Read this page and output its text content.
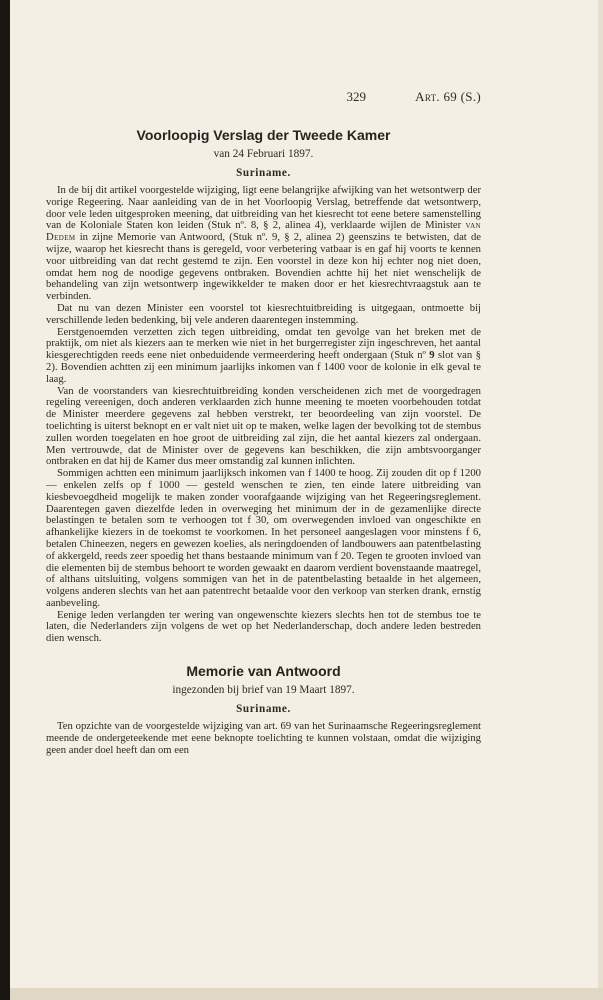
329	Art. 69 (S.)
Voorloopig Verslag der Tweede Kamer
van 24 Februari 1897.
Suriname.

In de bij dit artikel voorgestelde wijziging, ligt eene belangrijke afwijking van het wetsontwerp der vorige Regeering. Naar aanleiding van de in het Voorloopig Verslag, betreffende dat wetsontwerp, door vele leden uitgesproken meening, dat uitbreiding van het kiesrecht tot eene betere samenstelling van de Koloniale Staten kon leiden (Stuk nº. 8, § 2, alinea 4), verklaarde wijlen de Minister van Dedem in zijne Memorie van Antwoord, (Stuk nº. 9, § 2, alinea 2) geenszins te betwisten, dat de wijze, waarop het kiesrecht thans is geregeld, voor verbetering vatbaar is en gaf hij voorts te kennen voor uitbreiding van dat recht gestemd te zijn. Een voorstel in deze kon hij echter nog niet doen, omdat hem nog de noodige gegevens ontbraken. Bovendien achtte hij het niet wenschelijk de behandeling van zijn wetsontwerp ingewikkelder te maken door er het kiesrechtvraagstuk aan te verbinden.

Dat nu van dezen Minister een voorstel tot kiesrechtuitbreiding is uitgegaan, ontmoette bij verschillende leden bedenking, bij vele anderen daarentegen instemming.

Eerstgenoemden verzetten zich tegen uitbreiding, omdat ten gevolge van het breken met de praktijk, om niet als kiezers aan te merken wie niet in het burgerregister zijn ingeschreven, het aantal kiesgerechtigden reeds eene niet onbeduidende vermeerdering heeft ondergaan (Stuk nº 9 slot van § 2). Bovendien achtten zij een minimum jaarlijks inkomen van f 1400 voor de kolonie in elk geval te laag.

Van de voorstanders van kiesrechtuitbreiding konden verscheidenen zich met de voorgedragen regeling vereenigen, doch anderen verklaarden zich hunne meening te moeten voorbehouden totdat de Minister meerdere gegevens zal hebben verstrekt, ter beoordeeling van zijn voorstel. De toelichting is uiterst beknopt en er valt niet uit op te maken, welke lagen der bevolking tot de stembus zullen worden toegelaten en hoe groot de uitbreiding zal zijn, die het aantal kiezers zal ondergaan. Men vertrouwde, dat de Minister over de gegevens kan beschikken, die zijn ambtsvoorganger ontbraken en dat hij de Kamer dus meer omstandig zal kunnen inlichten.

Sommigen achtten een minimum jaarlijksch inkomen van f 1400 te hoog. Zij zouden dit op f 1200 — enkelen zelfs op f 1000 — gesteld wenschen te zien, ten einde latere uitbreiding van kiesbevoegdheid mogelijk te maken zonder voorafgaande wijziging van het Regeeringsreglement. Daarentegen gaven diezelfde leden in overweging het minimum der in de gezamenlijke directe belastingen te betalen som te verhoogen tot f 30, om overwegenden invloed van ongeschikte en afhankelijke kiezers in de toekomst te voorkomen. In het personeel aangeslagen voor minstens f 6, betalen Chineezen, negers en gewezen koelies, als neringdoenden of landbouwers aan patentbelasting of akkergeld, reeds zeer spoedig het thans bestaande minimum van f 20. Tegen te grooten invloed van die elementen bij de stembus behoort te worden gewaakt en daarom verdient bovenstaande maatregel, of althans uitsluiting, volgens sommigen van het in de patentbelasting betaalde in het algemeen, volgens anderen slechts van het aan patentrecht betaalde voor den verkoop van sterken drank, ernstig aanbeveling.

Eenige leden verlangden ter wering van ongewenschte kiezers slechts hen tot de stembus toe te laten, die Nederlanders zijn volgens de wet op het Nederlanderschap, doch andere leden bestreden dien wensch.

Memorie van Antwoord
ingezonden bij brief van 19 Maart 1897.
Suriname.

Ten opzichte van de voorgestelde wijziging van art. 69 van het Surinaamsche Regeeringsreglement meende de ondergeteekende met eene beknopte toelichting te kunnen volstaan, omdat die wijziging geen ander doel heeft dan om een
